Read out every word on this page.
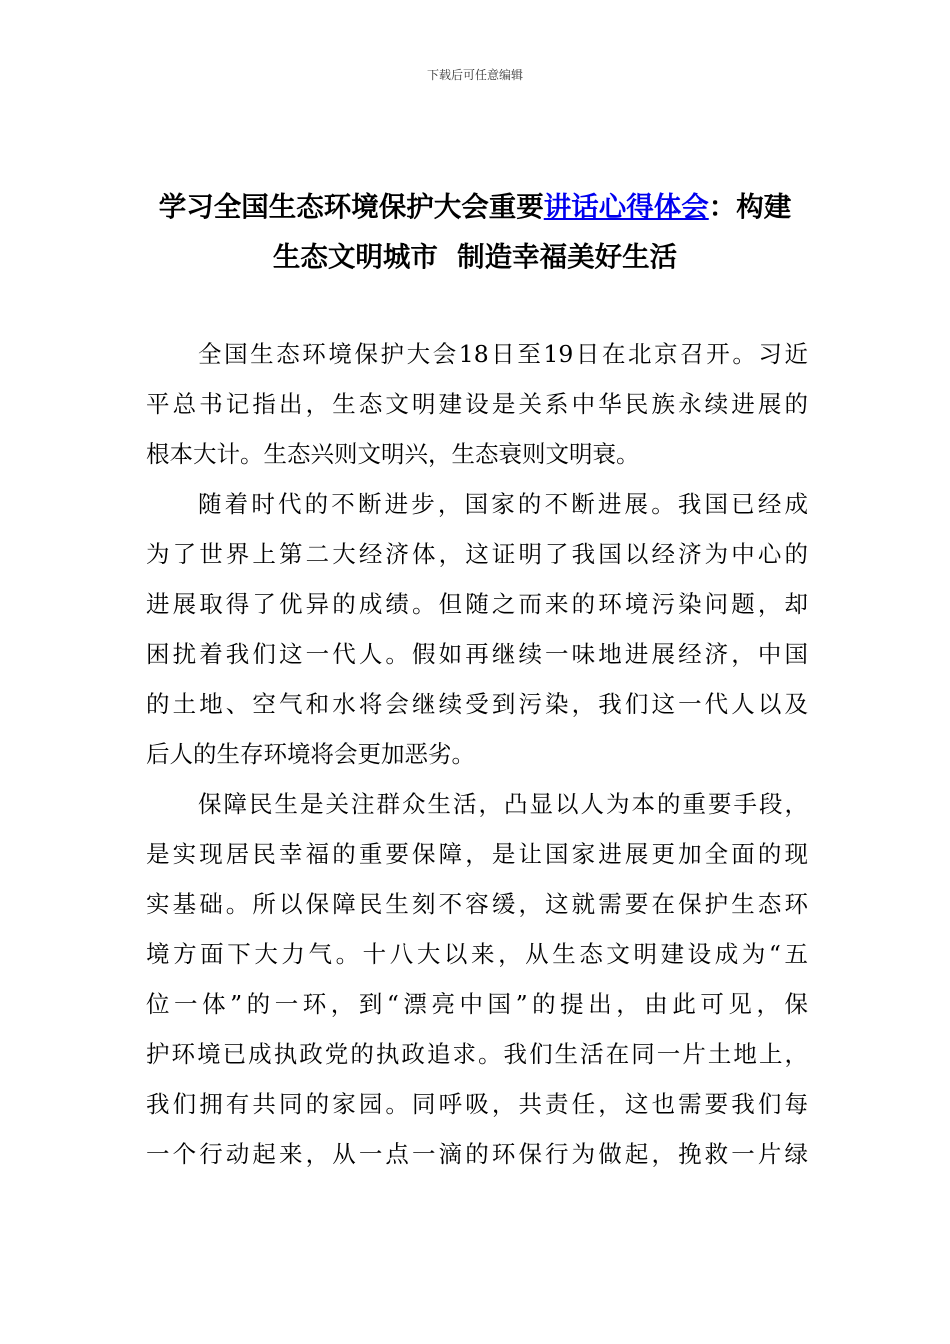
下载后可任意编辑
学习全国生态环境保护大会重要讲话心得体会：构建
生态文明城市  制造幸福美好生活
全国生态环境保护大会18日至19日在北京召开。习近
平总书记指出，生态文明建设是关系中华民族永续进展的
根本大计。生态兴则文明兴，生态衰则文明衰。
随着时代的不断进步，国家的不断进展。我国已经成
为了世界上第二大经济体，这证明了我国以经济为中心的
进展取得了优异的成绩。但随之而来的环境污染问题，却
困扰着我们这一代人。假如再继续一味地进展经济，中国
的土地、空气和水将会继续受到污染，我们这一代人以及
后人的生存环境将会更加恶劣。
保障民生是关注群众生活，凸显以人为本的重要手段，
是实现居民幸福的重要保障，是让国家进展更加全面的现
实基础。所以保障民生刻不容缓，这就需要在保护生态环
境方面下大力气。十八大以来，从生态文明建设成为“五
位一体”的一环，到“漂亮中国”的提出，由此可见，保
护环境已成执政党的执政追求。我们生活在同一片土地上，
我们拥有共同的家园。同呼吸，共责任，这也需要我们每
一个行动起来，从一点一滴的环保行为做起，挽救一片绿
